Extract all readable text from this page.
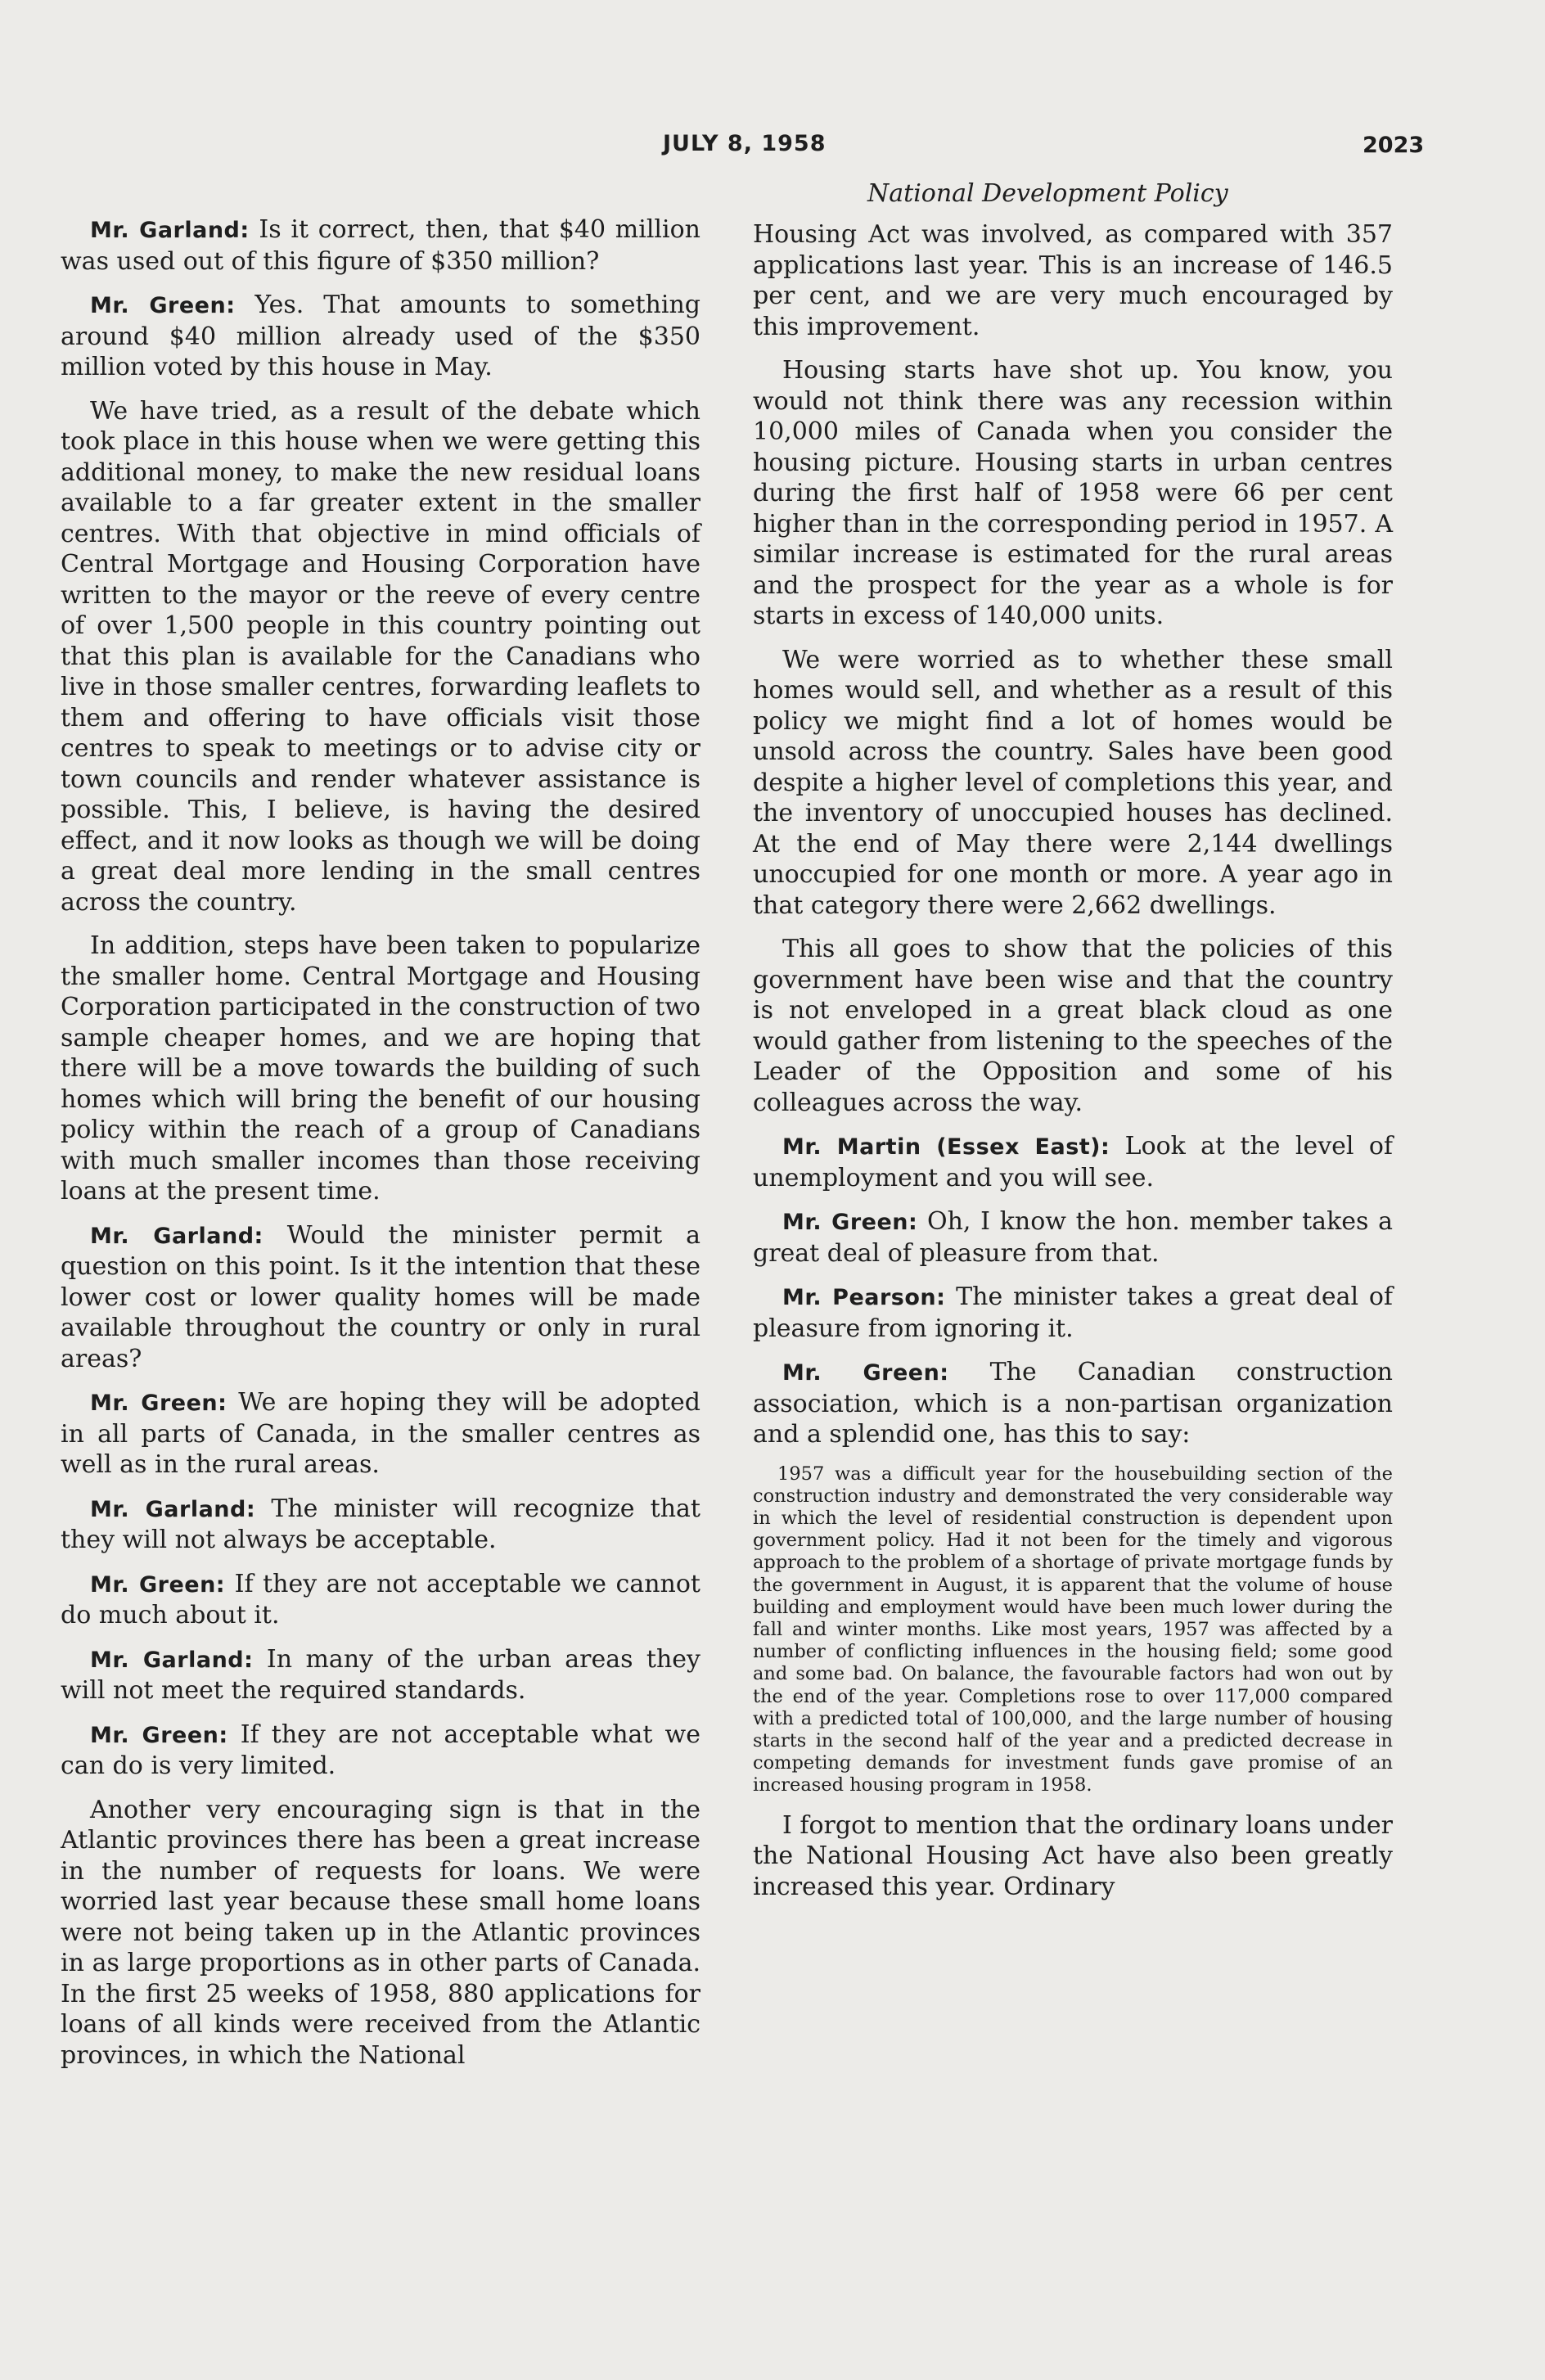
JULY 8, 1958	2023
National Development Policy

Mr. Garland: Is it correct, then, that $40 million was used out of this figure of $350 million?

Mr. Green: Yes. That amounts to something around $40 million already used of the $350 million voted by this house in May.

We have tried, as a result of the debate which took place in this house when we were getting this additional money, to make the new residual loans available to a far greater extent in the smaller centres. With that objective in mind officials of Central Mortgage and Housing Corporation have written to the mayor or the reeve of every centre of over 1,500 people in this country pointing out that this plan is available for the Canadians who live in those smaller centres, forwarding leaflets to them and offering to have officials visit those centres to speak to meetings or to advise city or town councils and render whatever assistance is possible. This, I believe, is having the desired effect, and it now looks as though we will be doing a great deal more lending in the small centres across the country.

In addition, steps have been taken to popularize the smaller home. Central Mortgage and Housing Corporation participated in the construction of two sample cheaper homes, and we are hoping that there will be a move towards the building of such homes which will bring the benefit of our housing policy within the reach of a group of Canadians with much smaller incomes than those receiving loans at the present time.

Mr. Garland: Would the minister permit a question on this point. Is it the intention that these lower cost or lower quality homes will be made available throughout the country or only in rural areas?

Mr. Green: We are hoping they will be adopted in all parts of Canada, in the smaller centres as well as in the rural areas.

Mr. Garland: The minister will recognize that they will not always be acceptable.

Mr. Green: If they are not acceptable we cannot do much about it.

Mr. Garland: In many of the urban areas they will not meet the required standards.

Mr. Green: If they are not acceptable what we can do is very limited.

Another very encouraging sign is that in the Atlantic provinces there has been a great increase in the number of requests for loans. We were worried last year because these small home loans were not being taken up in the Atlantic provinces in as large proportions as in other parts of Canada. In the first 25 weeks of 1958, 880 applications for loans of all kinds were received from the Atlantic provinces, in which the National

Housing Act was involved, as compared with 357 applications last year. This is an increase of 146.5 per cent, and we are very much encouraged by this improvement.

Housing starts have shot up. You know, you would not think there was any recession within 10,000 miles of Canada when you consider the housing picture. Housing starts in urban centres during the first half of 1958 were 66 per cent higher than in the corresponding period in 1957. A similar increase is estimated for the rural areas and the prospect for the year as a whole is for starts in excess of 140,000 units.

We were worried as to whether these small homes would sell, and whether as a result of this policy we might find a lot of homes would be unsold across the country. Sales have been good despite a higher level of completions this year, and the inventory of unoccupied houses has declined. At the end of May there were 2,144 dwellings unoccupied for one month or more. A year ago in that category there were 2,662 dwellings.

This all goes to show that the policies of this government have been wise and that the country is not enveloped in a great black cloud as one would gather from listening to the speeches of the Leader of the Opposition and some of his colleagues across the way.

Mr. Martin (Essex East): Look at the level of unemployment and you will see.

Mr. Green: Oh, I know the hon. member takes a great deal of pleasure from that.

Mr. Pearson: The minister takes a great deal of pleasure from ignoring it.

Mr. Green: The Canadian construction association, which is a non-partisan organization and a splendid one, has this to say:

1957 was a difficult year for the housebuilding section of the construction industry and demonstrated the very considerable way in which the level of residential construction is dependent upon government policy. Had it not been for the timely and vigorous approach to the problem of a shortage of private mortgage funds by the government in August, it is apparent that the volume of house building and employment would have been much lower during the fall and winter months. Like most years, 1957 was affected by a number of conflicting influences in the housing field; some good and some bad. On balance, the favourable factors had won out by the end of the year. Completions rose to over 117,000 compared with a predicted total of 100,000, and the large number of housing starts in the second half of the year and a predicted decrease in competing demands for investment funds gave promise of an increased housing program in 1958.

I forgot to mention that the ordinary loans under the National Housing Act have also been greatly increased this year. Ordinary
